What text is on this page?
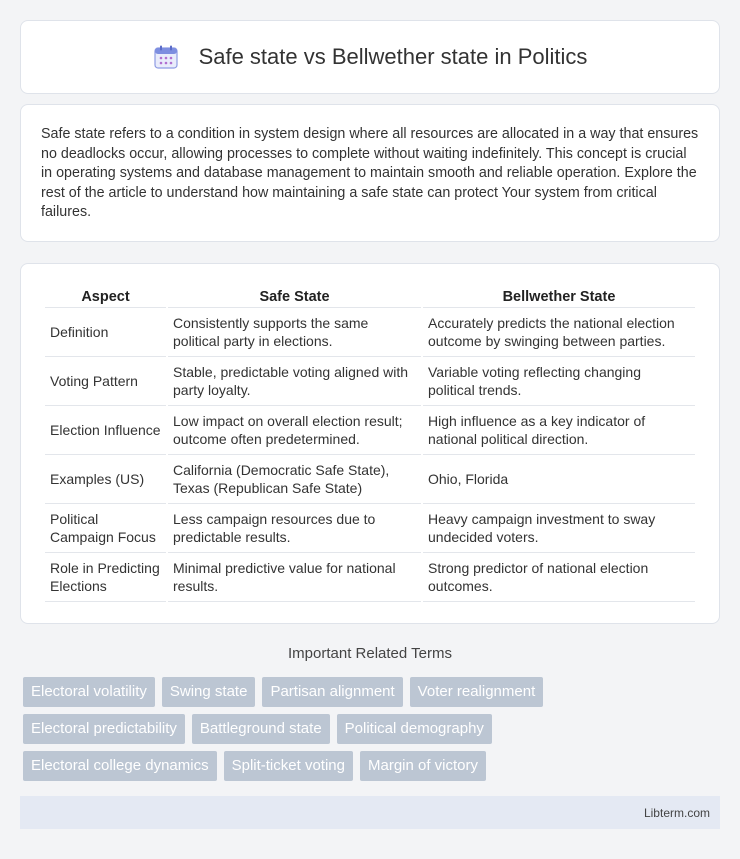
Safe state vs Bellwether state in Politics

Safe state refers to a condition in system design where all resources are allocated in a way that ensures no deadlocks occur, allowing processes to complete without waiting indefinitely. This concept is crucial in operating systems and database management to maintain smooth and reliable operation. Explore the rest of the article to understand how maintaining a safe state can protect Your system from critical failures.

Aspect	Safe State	Bellwether State
Definition	Consistently supports the same political party in elections.	Accurately predicts the national election outcome by swinging between parties.
Voting Pattern	Stable, predictable voting aligned with party loyalty.	Variable voting reflecting changing political trends.
Election Influence	Low impact on overall election result; outcome often predetermined.	High influence as a key indicator of national political direction.
Examples (US)	California (Democratic Safe State), Texas (Republican Safe State)	Ohio, Florida
Political Campaign Focus	Less campaign resources due to predictable results.	Heavy campaign investment to sway undecided voters.
Role in Predicting Elections	Minimal predictive value for national results.	Strong predictor of national election outcomes.
Important Related Terms
Electoral volatility	Swing state	Partisan alignment	Voter realignment
Electoral predictability	Battleground state	Political demography
Electoral college dynamics	Split-ticket voting	Margin of victory
Libterm.com
